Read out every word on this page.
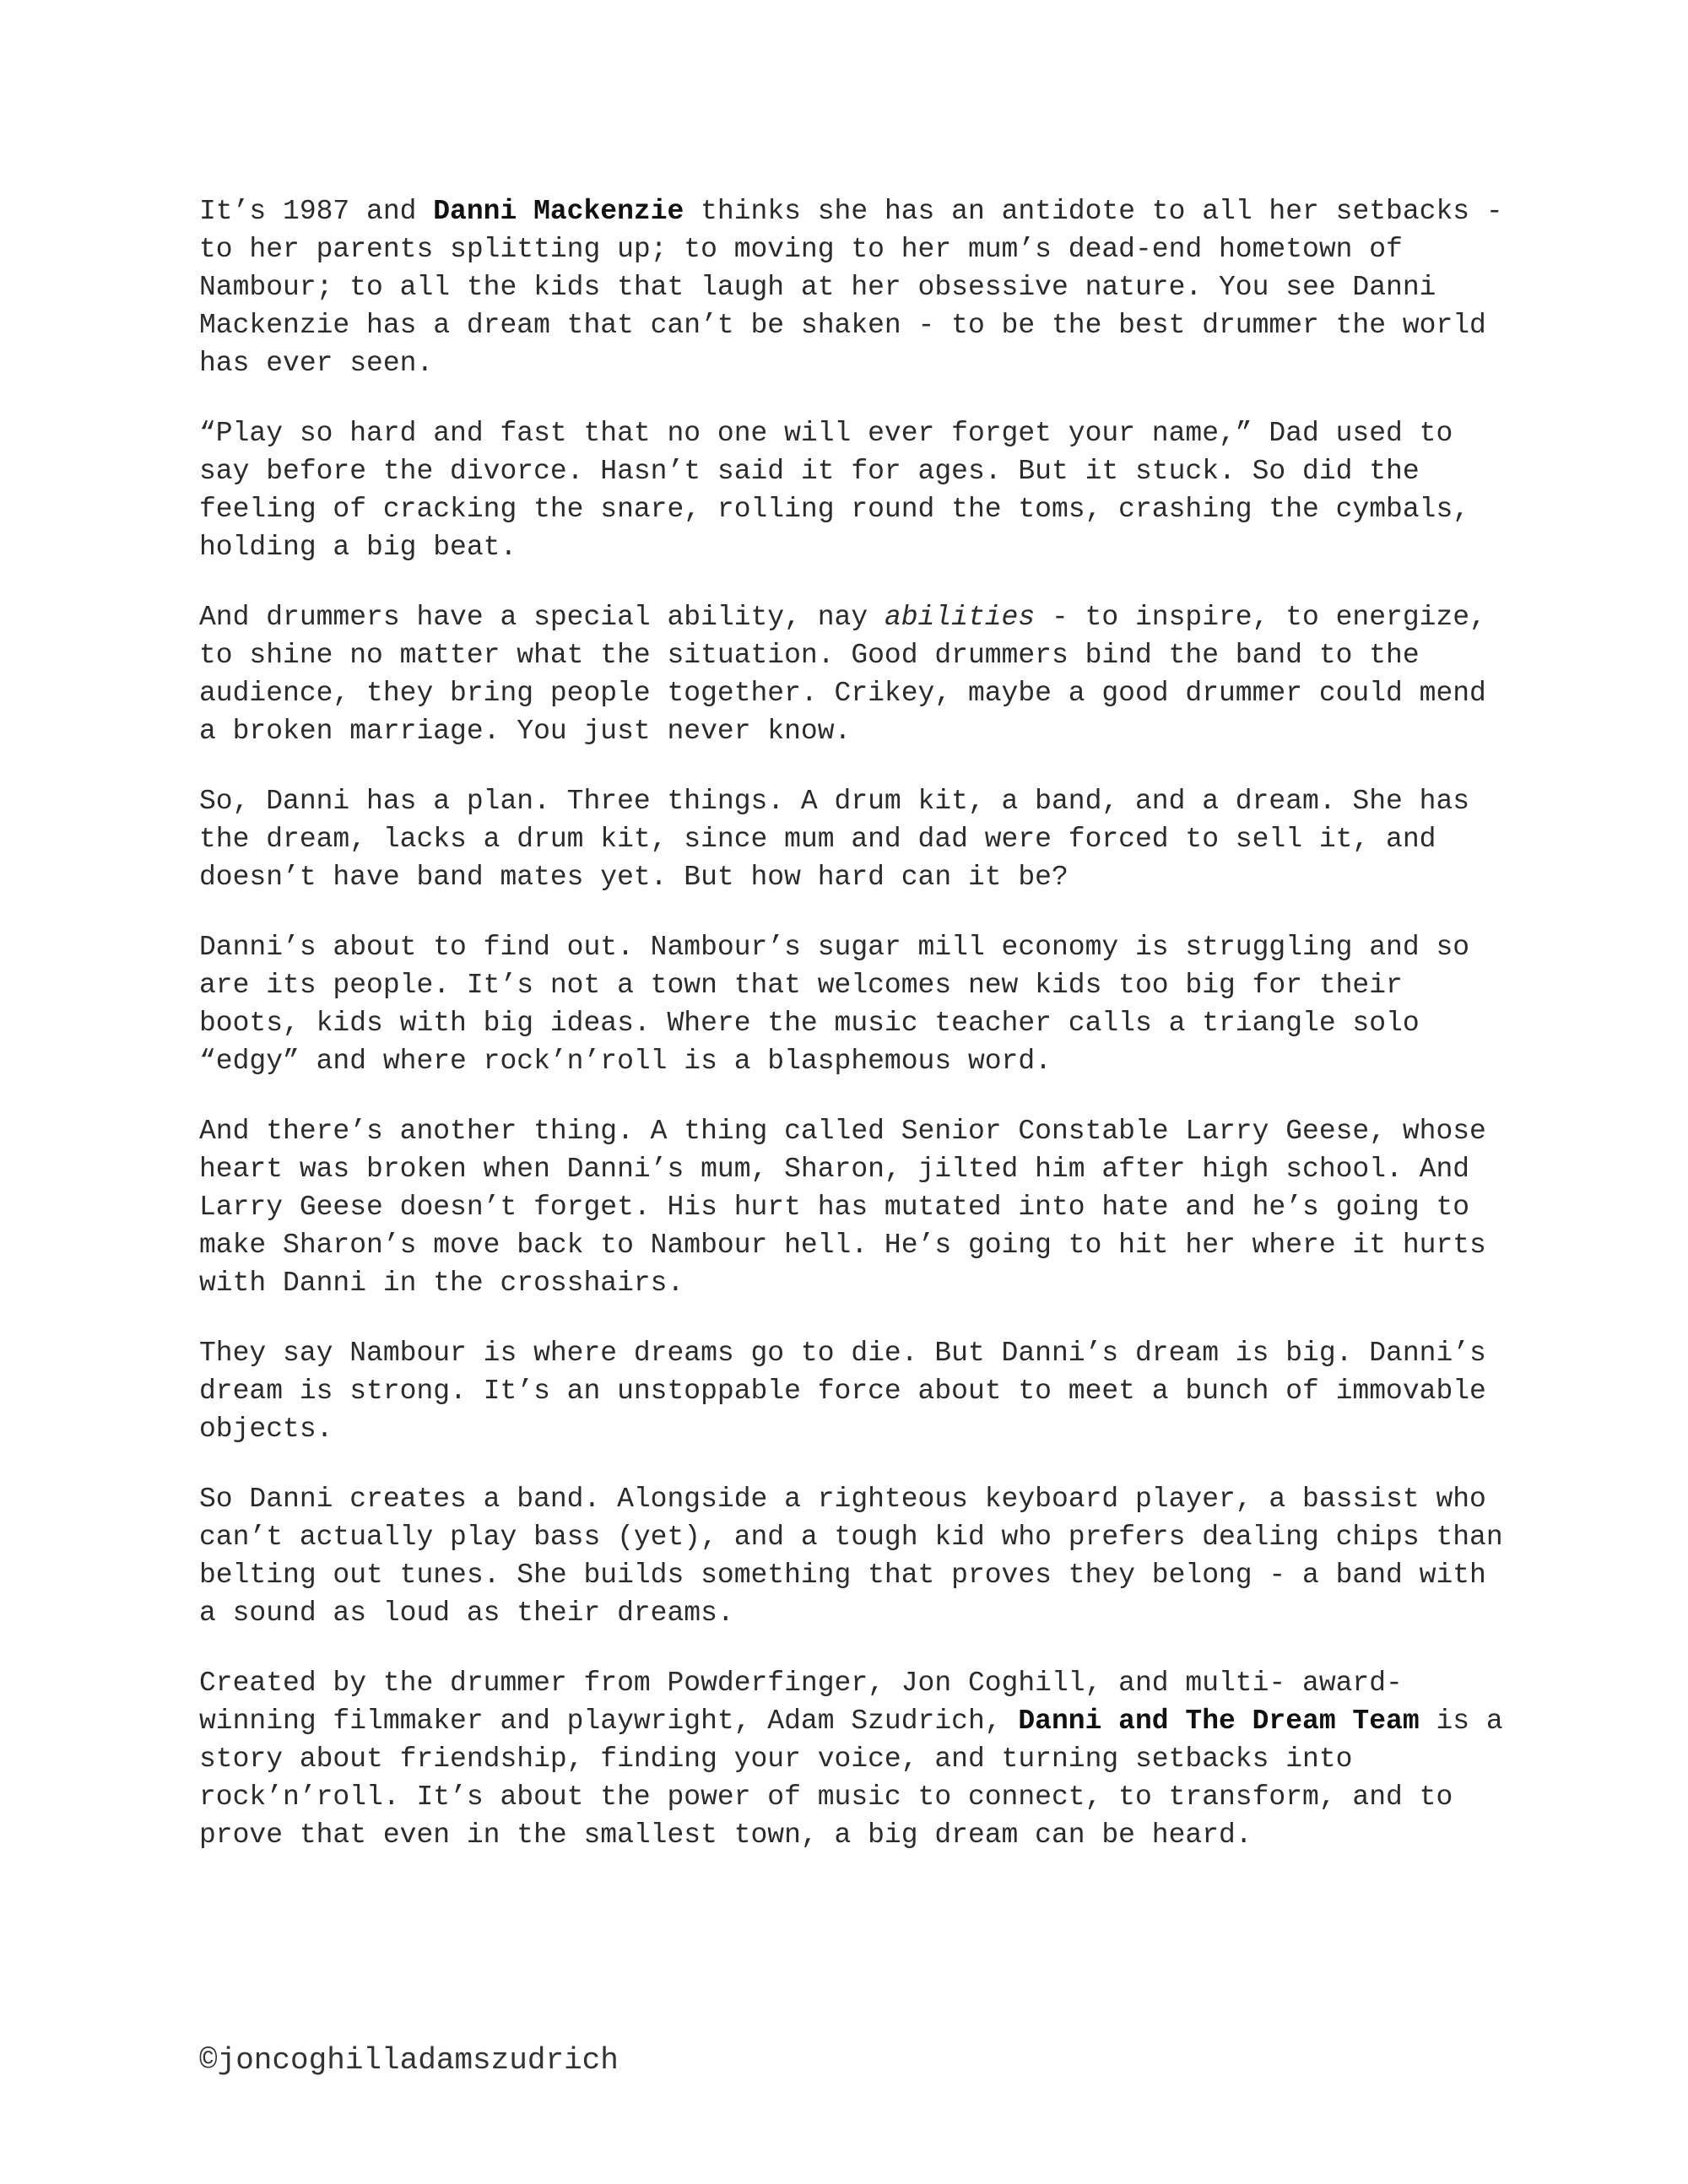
It’s 1987 and Danni Mackenzie thinks she has an antidote to all her setbacks - to her parents splitting up; to moving to her mum’s dead-end hometown of Nambour; to all the kids that laugh at her obsessive nature. You see Danni Mackenzie has a dream that can’t be shaken - to be the best drummer the world has ever seen.

“Play so hard and fast that no one will ever forget your name,” Dad used to say before the divorce. Hasn’t said it for ages. But it stuck. So did the feeling of cracking the snare, rolling round the toms, crashing the cymbals, holding a big beat.

And drummers have a special ability, nay abilities - to inspire, to energize, to shine no matter what the situation. Good drummers bind the band to the audience, they bring people together. Crikey, maybe a good drummer could mend a broken marriage. You just never know.

So, Danni has a plan. Three things. A drum kit, a band, and a dream. She has the dream, lacks a drum kit, since mum and dad were forced to sell it, and doesn’t have band mates yet. But how hard can it be?

Danni’s about to find out. Nambour’s sugar mill economy is struggling and so are its people. It’s not a town that welcomes new kids too big for their boots, kids with big ideas. Where the music teacher calls a triangle solo “edgy” and where rock’n’roll is a blasphemous word.

And there’s another thing. A thing called Senior Constable Larry Geese, whose heart was broken when Danni’s mum, Sharon, jilted him after high school. And Larry Geese doesn’t forget. His hurt has mutated into hate and he’s going to make Sharon’s move back to Nambour hell. He’s going to hit her where it hurts with Danni in the crosshairs.

They say Nambour is where dreams go to die. But Danni’s dream is big. Danni’s dream is strong. It’s an unstoppable force about to meet a bunch of immovable objects.

So Danni creates a band. Alongside a righteous keyboard player, a bassist who can’t actually play bass (yet), and a tough kid who prefers dealing chips than belting out tunes. She builds something that proves they belong - a band with a sound as loud as their dreams.

Created by the drummer from Powderfinger, Jon Coghill, and multi- award-winning filmmaker and playwright, Adam Szudrich, Danni and The Dream Team is a story about friendship, finding your voice, and turning setbacks into rock’n’roll. It’s about the power of music to connect, to transform, and to prove that even in the smallest town, a big dream can be heard.

©joncoghilladamszudrich
